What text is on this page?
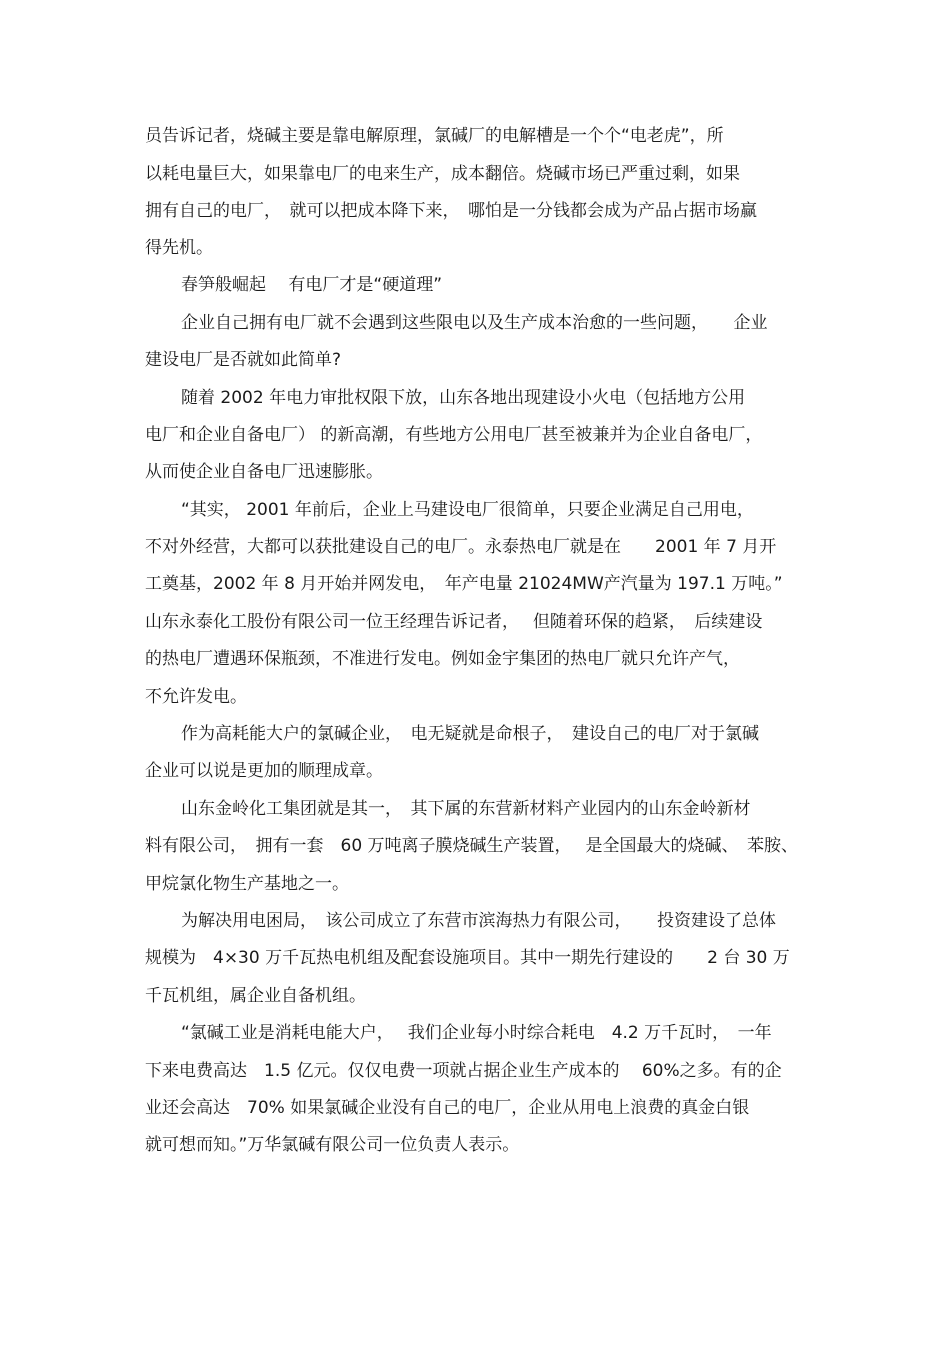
员告诉记者，烧碱主要是靠电解原理，氯碱厂的电解槽是一个个“电老虎”，所
以耗电量巨大，如果靠电厂的电来生产，成本翻倍。烧碱市场已严重过剩，如果
拥有自己的电厂，　就可以把成本降下来，　哪怕是一分钱都会成为产品占据市场赢
得先机。
春笋般崛起　 有电厂才是“硬道理”
企业自己拥有电厂就不会遇到这些限电以及生产成本治愈的一些问题，　　企业
建设电厂是否就如此简单?
随着 2002 年电力审批权限下放，山东各地出现建设小火电（包括地方公用
电厂和企业自备电厂） 的新高潮，有些地方公用电厂甚至被兼并为企业自备电厂，
从而使企业自备电厂迅速膨胀。
“其实， 2001 年前后，企业上马建设电厂很简单，只要企业满足自己用电，
不对外经营，大都可以获批建设自己的电厂。永泰热电厂就是在　　2001 年 7 月开
工奠基，2002 年 8 月开始并网发电，　年产电量 21024MW产汽量为 197.1 万吨。”
山东永泰化工股份有限公司一位王经理告诉记者，　 但随着环保的趋紧，　后续建设
的热电厂遭遇环保瓶颈，不准进行发电。例如金宇集团的热电厂就只允许产气，
不允许发电。
作为高耗能大户的氯碱企业，　电无疑就是命根子，　建设自己的电厂对于氯碱
企业可以说是更加的顺理成章。
山东金岭化工集团就是其一，　其下属的东营新材料产业园内的山东金岭新材
料有限公司，　拥有一套　60 万吨离子膜烧碱生产装置，　 是全国最大的烧碱、　苯胺、
甲烷氯化物生产基地之一。
为解决用电困局，　该公司成立了东营市滨海热力有限公司，　　投资建设了总体
规模为　4×30 万千瓦热电机组及配套设施项目。其中一期先行建设的　　2 台 30 万
千瓦机组，属企业自备机组。
“氯碱工业是消耗电能大户，　 我们企业每小时综合耗电　4.2 万千瓦时，　一年
下来电费高达　1.5 亿元。仅仅电费一项就占据企业生产成本的　 60%之多。有的企
业还会高达　70% 如果氯碱企业没有自己的电厂，企业从用电上浪费的真金白银
就可想而知。”万华氯碱有限公司一位负责人表示。
